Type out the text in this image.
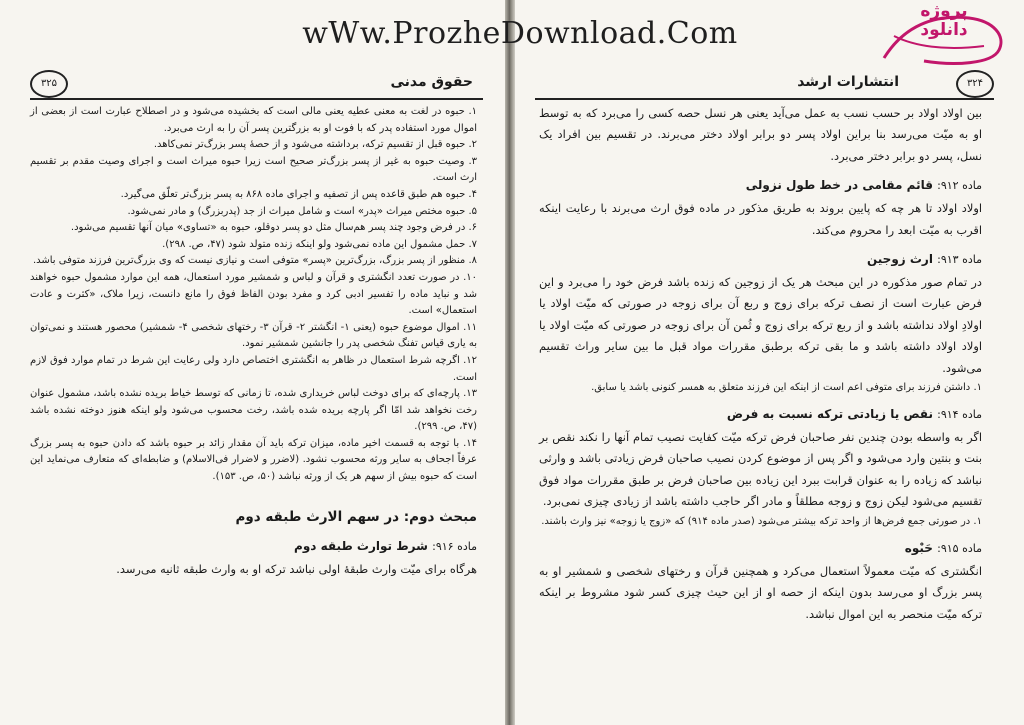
۳۲۵	حقوق مدنی

۱. حبوه در لغت به معنی عطیه یعنی مالی است که بخشیده می‌شود و در اصطلاح عبارت است از بعضی از اموال مورد استفاده پدر که با فوت او به بزرگترین پسر آن را به ارث می‌برد.

۲. حبوه قبل از تقسیم ترکه، برداشته می‌شود و از حصهٔ پسر بزرگ‌تر نمی‌کاهد.

۳. وصیت حبوه به غیر از پسر بزرگ‌تر صحیح است زیرا حبوه میراث است و اجرای وصیت مقدم بر تقسیم ارث است.

۴. حبوه هم طبق قاعده پس از تصفیه و اجرای ماده ۸۶۸ به پسر بزرگ‌تر تعلّق می‌گیرد.

۵. حبوه مختص میراث «پدر» است و شامل میراث از جد (پدربزرگ) و مادر نمی‌شود.

۶. در فرض وجود چند پسر هم‌سال مثل دو پسر دوقلو، حبوه به «تساوی» میان آنها تقسیم می‌شود.

۷. حمل مشمول این ماده نمی‌شود ولو اینکه زنده متولد شود (۴۷، ص. ۲۹۸).

۸. منظور از پسر بزرگ، بزرگ‌ترین «پسر» متوفی است و نیازی نیست که وی بزرگ‌ترین فرزند متوفی باشد.

۱۰. در صورت تعدد انگشتری و قرآن و لباس و شمشیر مورد استعمال، همه این موارد مشمول حبوه خواهند شد و نباید ماده را تفسیر ادبی کرد و مفرد بودن الفاظ فوق را مانع دانست، زیرا ملاک، «کثرت و عادت استعمال» است.

۱۱. اموال موضوع حبوه (یعنی ۱- انگشتر ۲- قرآن ۳- رختهای شخصی ۴- شمشیر) محصور هستند و نمی‌توان به یاری قیاس تفنگ شخصی پدر را جانشین شمشیر نمود.

۱۲. اگرچه شرط استعمال در ظاهر به انگشتری اختصاص دارد ولی رعایت این شرط در تمام موارد فوق لازم است.

۱۳. پارچه‌ای که برای دوخت لباس خریداری شده، تا زمانی که توسط خیاط بریده نشده باشد، مشمول عنوان رخت نخواهد شد امّا اگر پارچه بریده شده باشد، رخت محسوب می‌شود ولو اینکه هنوز دوخته نشده باشد (۴۷، ص. ۲۹۹).

۱۴. با توجه به قسمت اخیر ماده، میزان ترکه باید آن مقدار زائد بر حبوه باشد که دادن حبوه به پسر بزرگ عرفاً اجحاف به سایر ورثه محسوب نشود. (لاضرر و لاضرار فی‌الاسلام) و ضابطه‌ای که متعارف می‌نماید این است که حبوه بیش از سهم هر یک از ورثه نباشد (۵۰، ص. ۱۵۳).

مبحث دوم: در سهم الارث طبقه دوم

ماده ۹۱۶: شرط توارث طبقه دوم

هرگاه برای میّت وارث طبقهٔ اولی نباشد ترکه او به وارث طبقه ثانیه می‌رسد.

۳۲۴
انتشارات ارشد

بین اولاد اولاد بر حسب نسب به عمل می‌آید یعنی هر نسل حصه کسی را می‌برد که به توسط او به میّت می‌رسد بنا براین اولاد پسر دو برابر اولاد دختر می‌برند. در تقسیم بین افراد یک نسل، پسر دو برابر دختر می‌برد.

ماده ۹۱۲: قائم مقامی در خط طول نزولی

اولاد اولاد تا هر چه که پایین بروند به طریق مذکور در ماده فوق ارث می‌برند با رعایت اینکه اقرب به میّت ابعد را محروم می‌کند.

ماده ۹۱۳: ارث زوجین

در تمام صور مذکوره در این مبحث هر یک از زوجین که زنده باشد فرض خود را می‌برد و این فرض عبارت است از نصف ترکه برای زوج و ربع آن برای زوجه در صورتی که میّت اولاد یا اولادِ اولاد نداشته باشد و از ربع ترکه برای زوج و ثُمن آن برای زوجه در صورتی که میّت اولاد یا اولاد اولاد داشته باشد و ما بقی ترکه برطبق مقررات مواد قبل ما بین سایر وراث تقسیم می‌شود.

۱. داشتن فرزند برای متوفی اعم است از اینکه این فرزند متعلق به همسر کنونی باشد یا سابق.

ماده ۹۱۴: نقص یا زیادتی ترکه نسبت به فرض

اگر به واسطه بودن چندین نفر صاحبان فرض ترکه میّت کفایت نصیب تمام آنها را نکند نقص بر بنت و بنتین وارد می‌شود و اگر پس از موضوع کردن نصیب صاحبان فرض زیادتی باشد و وارثی نباشد که زیاده را به عنوان قرابت ببرد این زیاده بین صاحبان فرض بر طبق مقررات مواد فوق تقسیم می‌شود لیکن زوج و زوجه مطلقاً و مادر اگر حاجب داشته باشد از زیادی چیزی نمی‌برد.

۱. در صورتی جمع فرض‌ها از واحد ترکه بیشتر می‌شود (صدر ماده ۹۱۴) که «زوج یا زوجه» نیز وارث باشند.

ماده ۹۱۵: حَبْوه

انگشتری که میّت معمولاً استعمال می‌کرد و همچنین قرآن و رختهای شخصی و شمشیر او به پسر بزرگ او می‌رسد بدون اینکه از حصه او از این حیث چیزی کسر شود مشروط بر اینکه ترکه میّت منحصر به این اموال نباشد.

wWw.ProzheDownload.Com
پروژه
دانلود
